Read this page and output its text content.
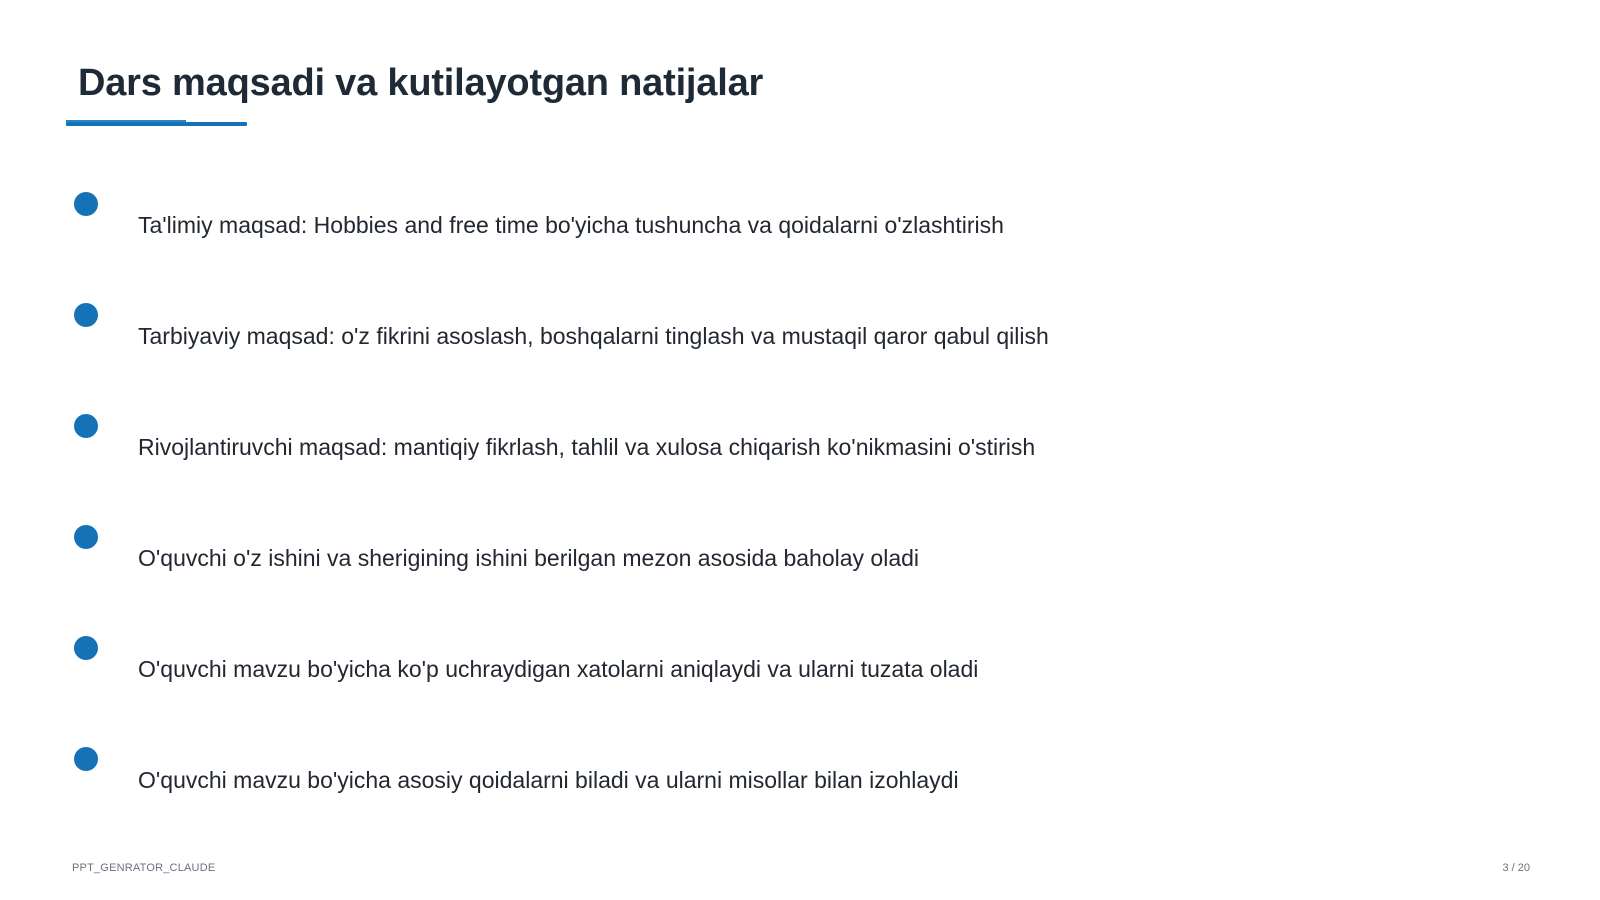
Dars maqsadi va kutilayotgan natijalar
Ta'limiy maqsad: Hobbies and free time bo'yicha tushuncha va qoidalarni o'zlashtirish
Tarbiyaviy maqsad: o'z fikrini asoslash, boshqalarni tinglash va mustaqil qaror qabul qilish
Rivojlantiruvchi maqsad: mantiqiy fikrlash, tahlil va xulosa chiqarish ko'nikmasini o'stirish
O'quvchi o'z ishini va sherigining ishini berilgan mezon asosida baholay oladi
O'quvchi mavzu bo'yicha ko'p uchraydigan xatolarni aniqlaydi va ularni tuzata oladi
O'quvchi mavzu bo'yicha asosiy qoidalarni biladi va ularni misollar bilan izohlaydi
PPT_GENRATOR_CLAUDE	3 / 20
